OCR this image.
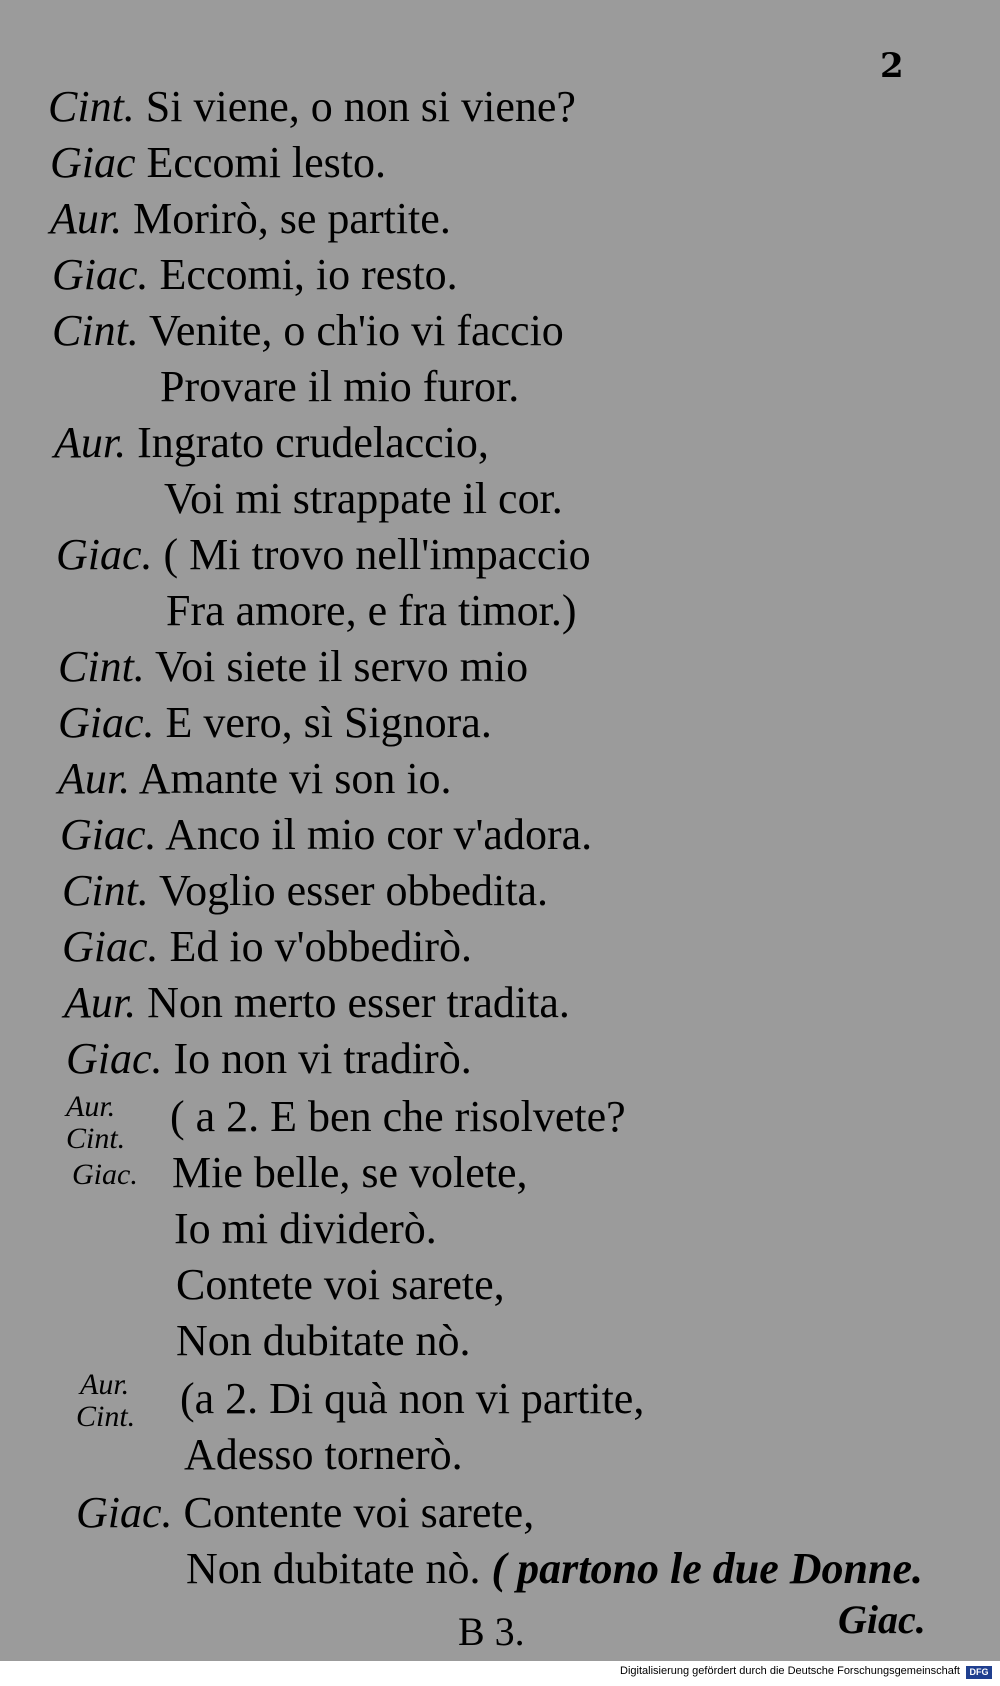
2
Cint. Si viene, o non si viene?
Giac Eccomi lesto.
Aur. Morirò, se partite.
Giac. Eccomi, io resto.
Cint. Venite, o ch'io vi faccio
Provare il mio furor.
Aur. Ingrato crudelaccio,
Voi mi strappate il cor.
Giac. ( Mi trovo nell'impaccio
Fra amore, e fra timor.)
Cint. Voi siete il servo mio
Giac. E vero, sì Signora.
Aur. Amante vi son io.
Giac. Anco il mio cor v'adora.
Cint. Voglio esser obbedita.
Giac. Ed io v'obbedirò.
Aur. Non merto esser tradita.
Giac. Io non vi tradirò.
Aur.
Cint. ( a 2. E ben che risolvete?
Giac. Mie belle, se volete,
Io mi dividerò.
Contete voi sarete,
Non dubitate nò.
Aur.
Cint. (a 2. Di quà non vi partite,
Adesso tornerò.
Giac. Contente voi sarete,
Non dubitate nò. ( partono le due Donne.
B 3.	Giac.
Digitalisierung gefördert durch die Deutsche Forschungsgemeinschaft	DFG
